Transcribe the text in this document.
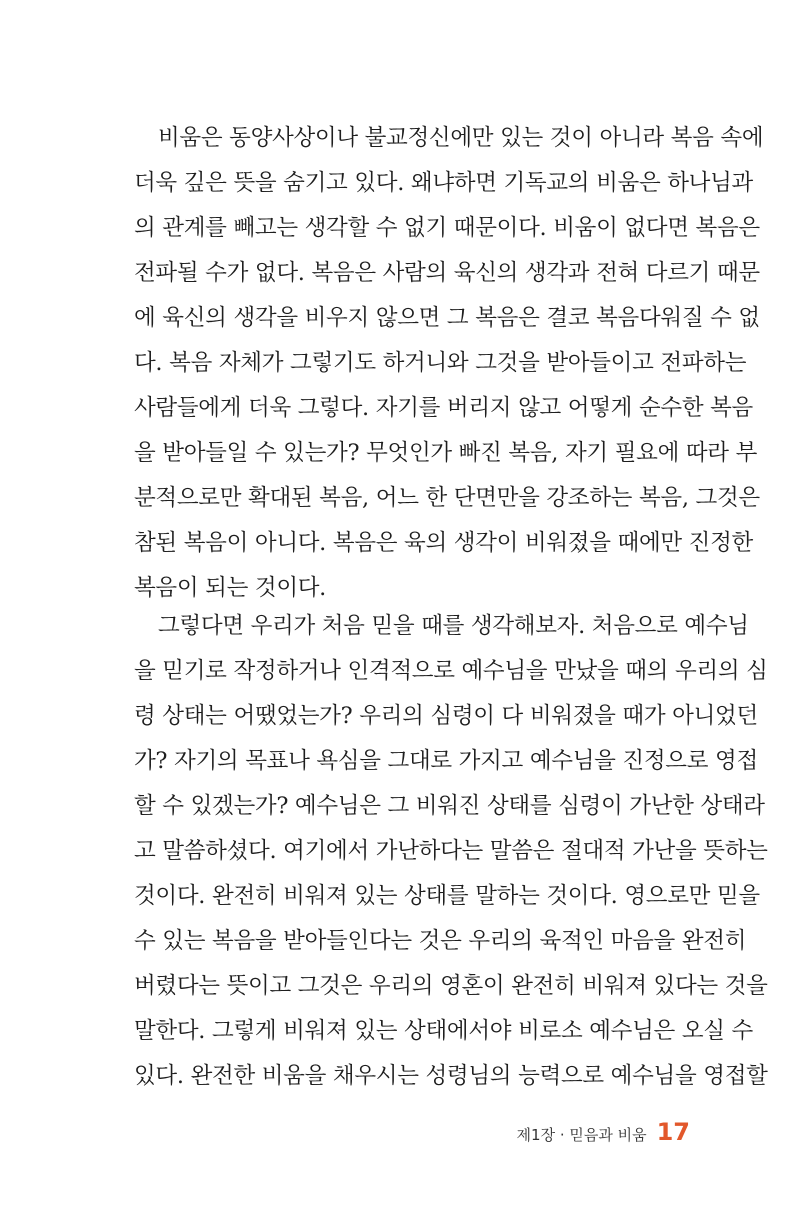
비움은 동양사상이나 불교정신에만 있는 것이 아니라 복음 속에
더욱 깊은 뜻을 숨기고 있다. 왜냐하면 기독교의 비움은 하나님과
의 관계를 빼고는 생각할 수 없기 때문이다. 비움이 없다면 복음은
전파될 수가 없다. 복음은 사람의 육신의 생각과 전혀 다르기 때문
에 육신의 생각을 비우지 않으면 그 복음은 결코 복음다워질 수 없
다. 복음 자체가 그렇기도 하거니와 그것을 받아들이고 전파하는
사람들에게 더욱 그렇다. 자기를 버리지 않고 어떻게 순수한 복음
을 받아들일 수 있는가? 무엇인가 빠진 복음, 자기 필요에 따라 부
분적으로만 확대된 복음, 어느 한 단면만을 강조하는 복음, 그것은
참된 복음이 아니다. 복음은 육의 생각이 비워졌을 때에만 진정한
복음이 되는 것이다.
그렇다면 우리가 처음 믿을 때를 생각해보자. 처음으로 예수님
을 믿기로 작정하거나 인격적으로 예수님을 만났을 때의 우리의 심
령 상태는 어땠었는가? 우리의 심령이 다 비워졌을 때가 아니었던
가? 자기의 목표나 욕심을 그대로 가지고 예수님을 진정으로 영접
할 수 있겠는가? 예수님은 그 비워진 상태를 심령이 가난한 상태라
고 말씀하셨다. 여기에서 가난하다는 말씀은 절대적 가난을 뜻하는
것이다. 완전히 비워져 있는 상태를 말하는 것이다. 영으로만 믿을
수 있는 복음을 받아들인다는 것은 우리의 육적인 마음을 완전히
버렸다는 뜻이고 그것은 우리의 영혼이 완전히 비워져 있다는 것을
말한다. 그렇게 비워져 있는 상태에서야 비로소 예수님은 오실 수
있다. 완전한 비움을 채우시는 성령님의 능력으로 예수님을 영접할
제1장 · 믿음과 비움 17
